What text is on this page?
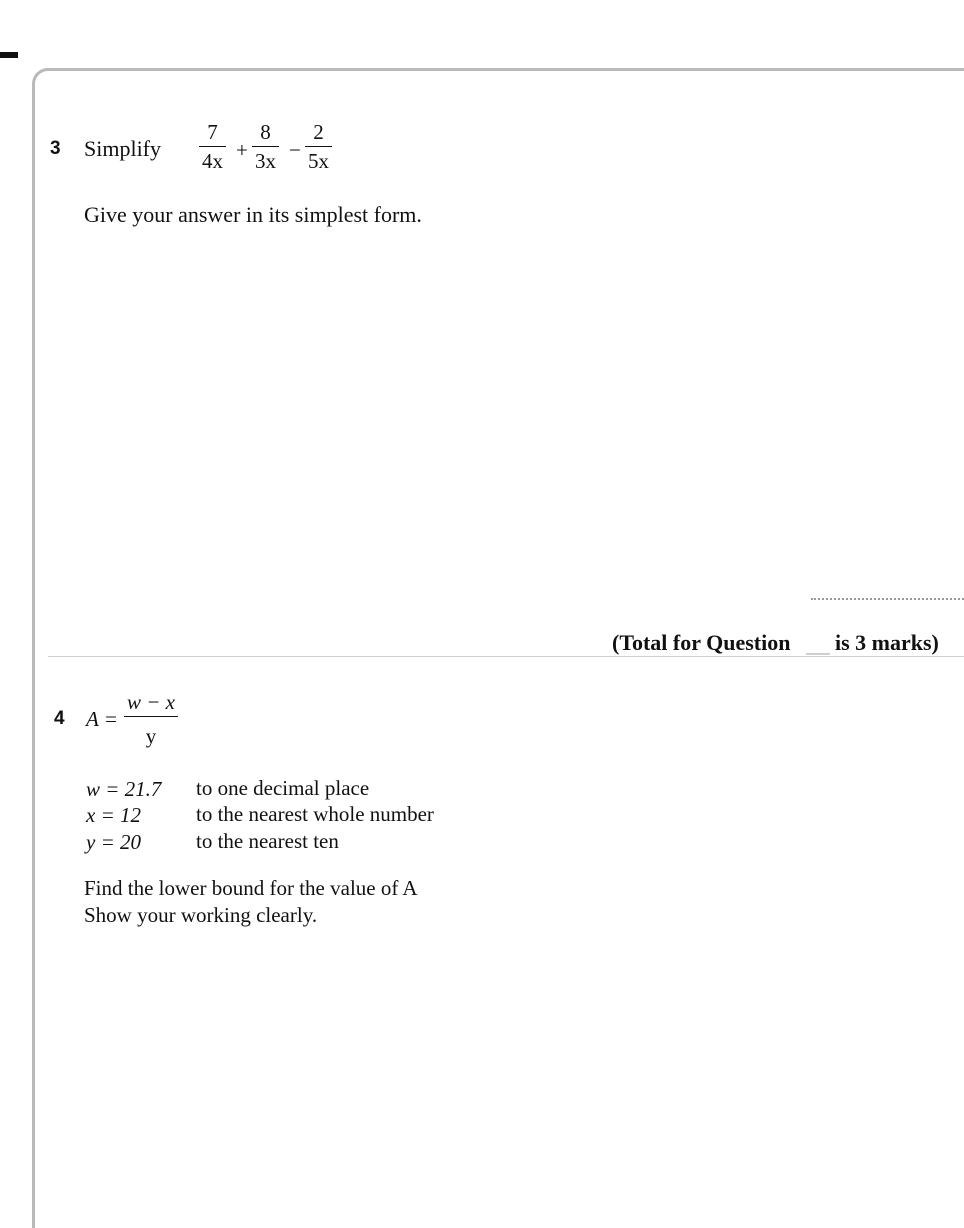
3 Simplify
7
4x +
8
3x −
2
5x
Give your answer in its simplest form.
(Total for Question is 3 marks)
4 A =
w − x
y
w = 21.7 to one decimal place
x = 12	to the nearest whole number
y = 20	to the nearest ten
Find the lower bound for the value of A
Show your working clearly.
